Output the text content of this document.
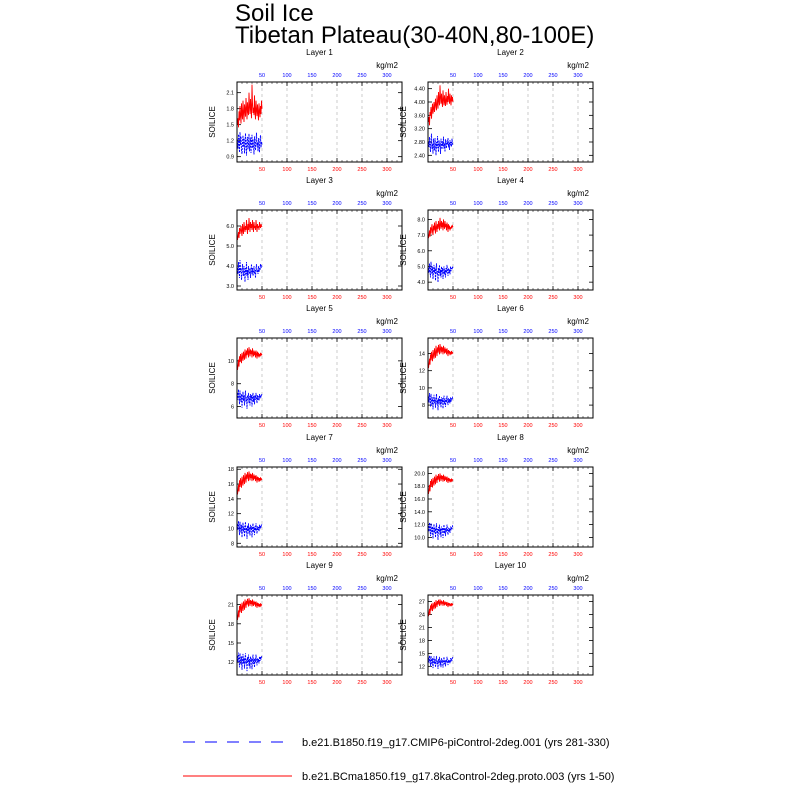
Soil Ice
Tibetan Plateau(30-40N,80-100E)
Layer 1
kg/m2
50	100	150	200	250	300
50	100	150	200	250	300
0.9
1.2
1.5
1.8
2.1
SOILICE
Layer 2
kg/m2
50	100	150	200	250	300
50	100	150	200	250	300
2.40
2.80
3.20
3.60
4.00
4.40
SOILICE
Layer 3
kg/m2
50	100	150	200	250	300
50	100	150	200	250	300
3.0
4.0
5.0
6.0
SOILICE
Layer 4
kg/m2
50	100	150	200	250	300
50	100	150	200	250	300
4.0
5.0
6.0
7.0
8.0
SOILICE
Layer 5
kg/m2
50	100	150	200	250	300
50	100	150	200	250	300
6
8
10
SOILICE
Layer 6
kg/m2
50	100	150	200	250	300
50	100	150	200	250	300
8
10
12
14
SOILICE
Layer 7
kg/m2
50	100	150	200	250	300
50	100	150	200	250	300
8
10
12
14
16
18
SOILICE
Layer 8
kg/m2
50	100	150	200	250	300
50	100	150	200	250	300
10.0
12.0
14.0
16.0
18.0
20.0
SOILICE
Layer 9
kg/m2
50	100	150	200	250	300
50	100	150	200	250	300
12
15
18
21
SOILICE
Layer 10
kg/m2
50	100	150	200	250	300
50	100	150	200	250	300
12
15
18
21
24
27
SOILICE
b.e21.B1850.f19_g17.CMIP6-piControl-2deg.001 (yrs 281-330)
b.e21.BCma1850.f19_g17.8kaControl-2deg.proto.003 (yrs 1-50)
